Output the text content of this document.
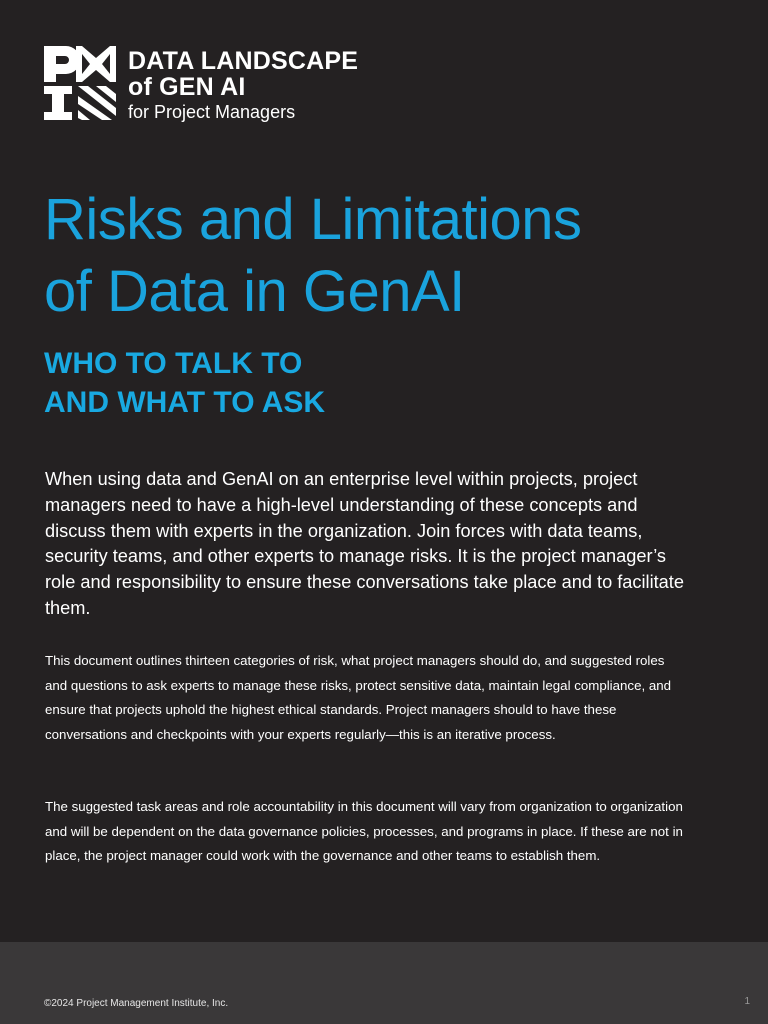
DATA LANDSCAPE
of GEN AI
for Project Managers
Risks and Limitations
of Data in GenAI
WHO TO TALK TO
AND WHAT TO ASK

When using data and GenAI on an enterprise level within projects, project managers need to have a high-level understanding of these concepts and discuss them with experts in the organization. Join forces with data teams, security teams, and other experts to manage risks. It is the project manager’s role and responsibility to ensure these conversations take place and to facilitate them.

This document outlines thirteen categories of risk, what project managers should do, and suggested roles and questions to ask experts to manage these risks, protect sensitive data, maintain legal compliance, and ensure that projects uphold the highest ethical standards. Project managers should to have these conversations and checkpoints with your experts regularly—this is an iterative process.

The suggested task areas and role accountability in this document will vary from organization to organization and will be dependent on the data governance policies, processes, and programs in place. If these are not in place, the project manager could work with the governance and other teams to establish them.

©2024 Project Management Institute, Inc.	1
